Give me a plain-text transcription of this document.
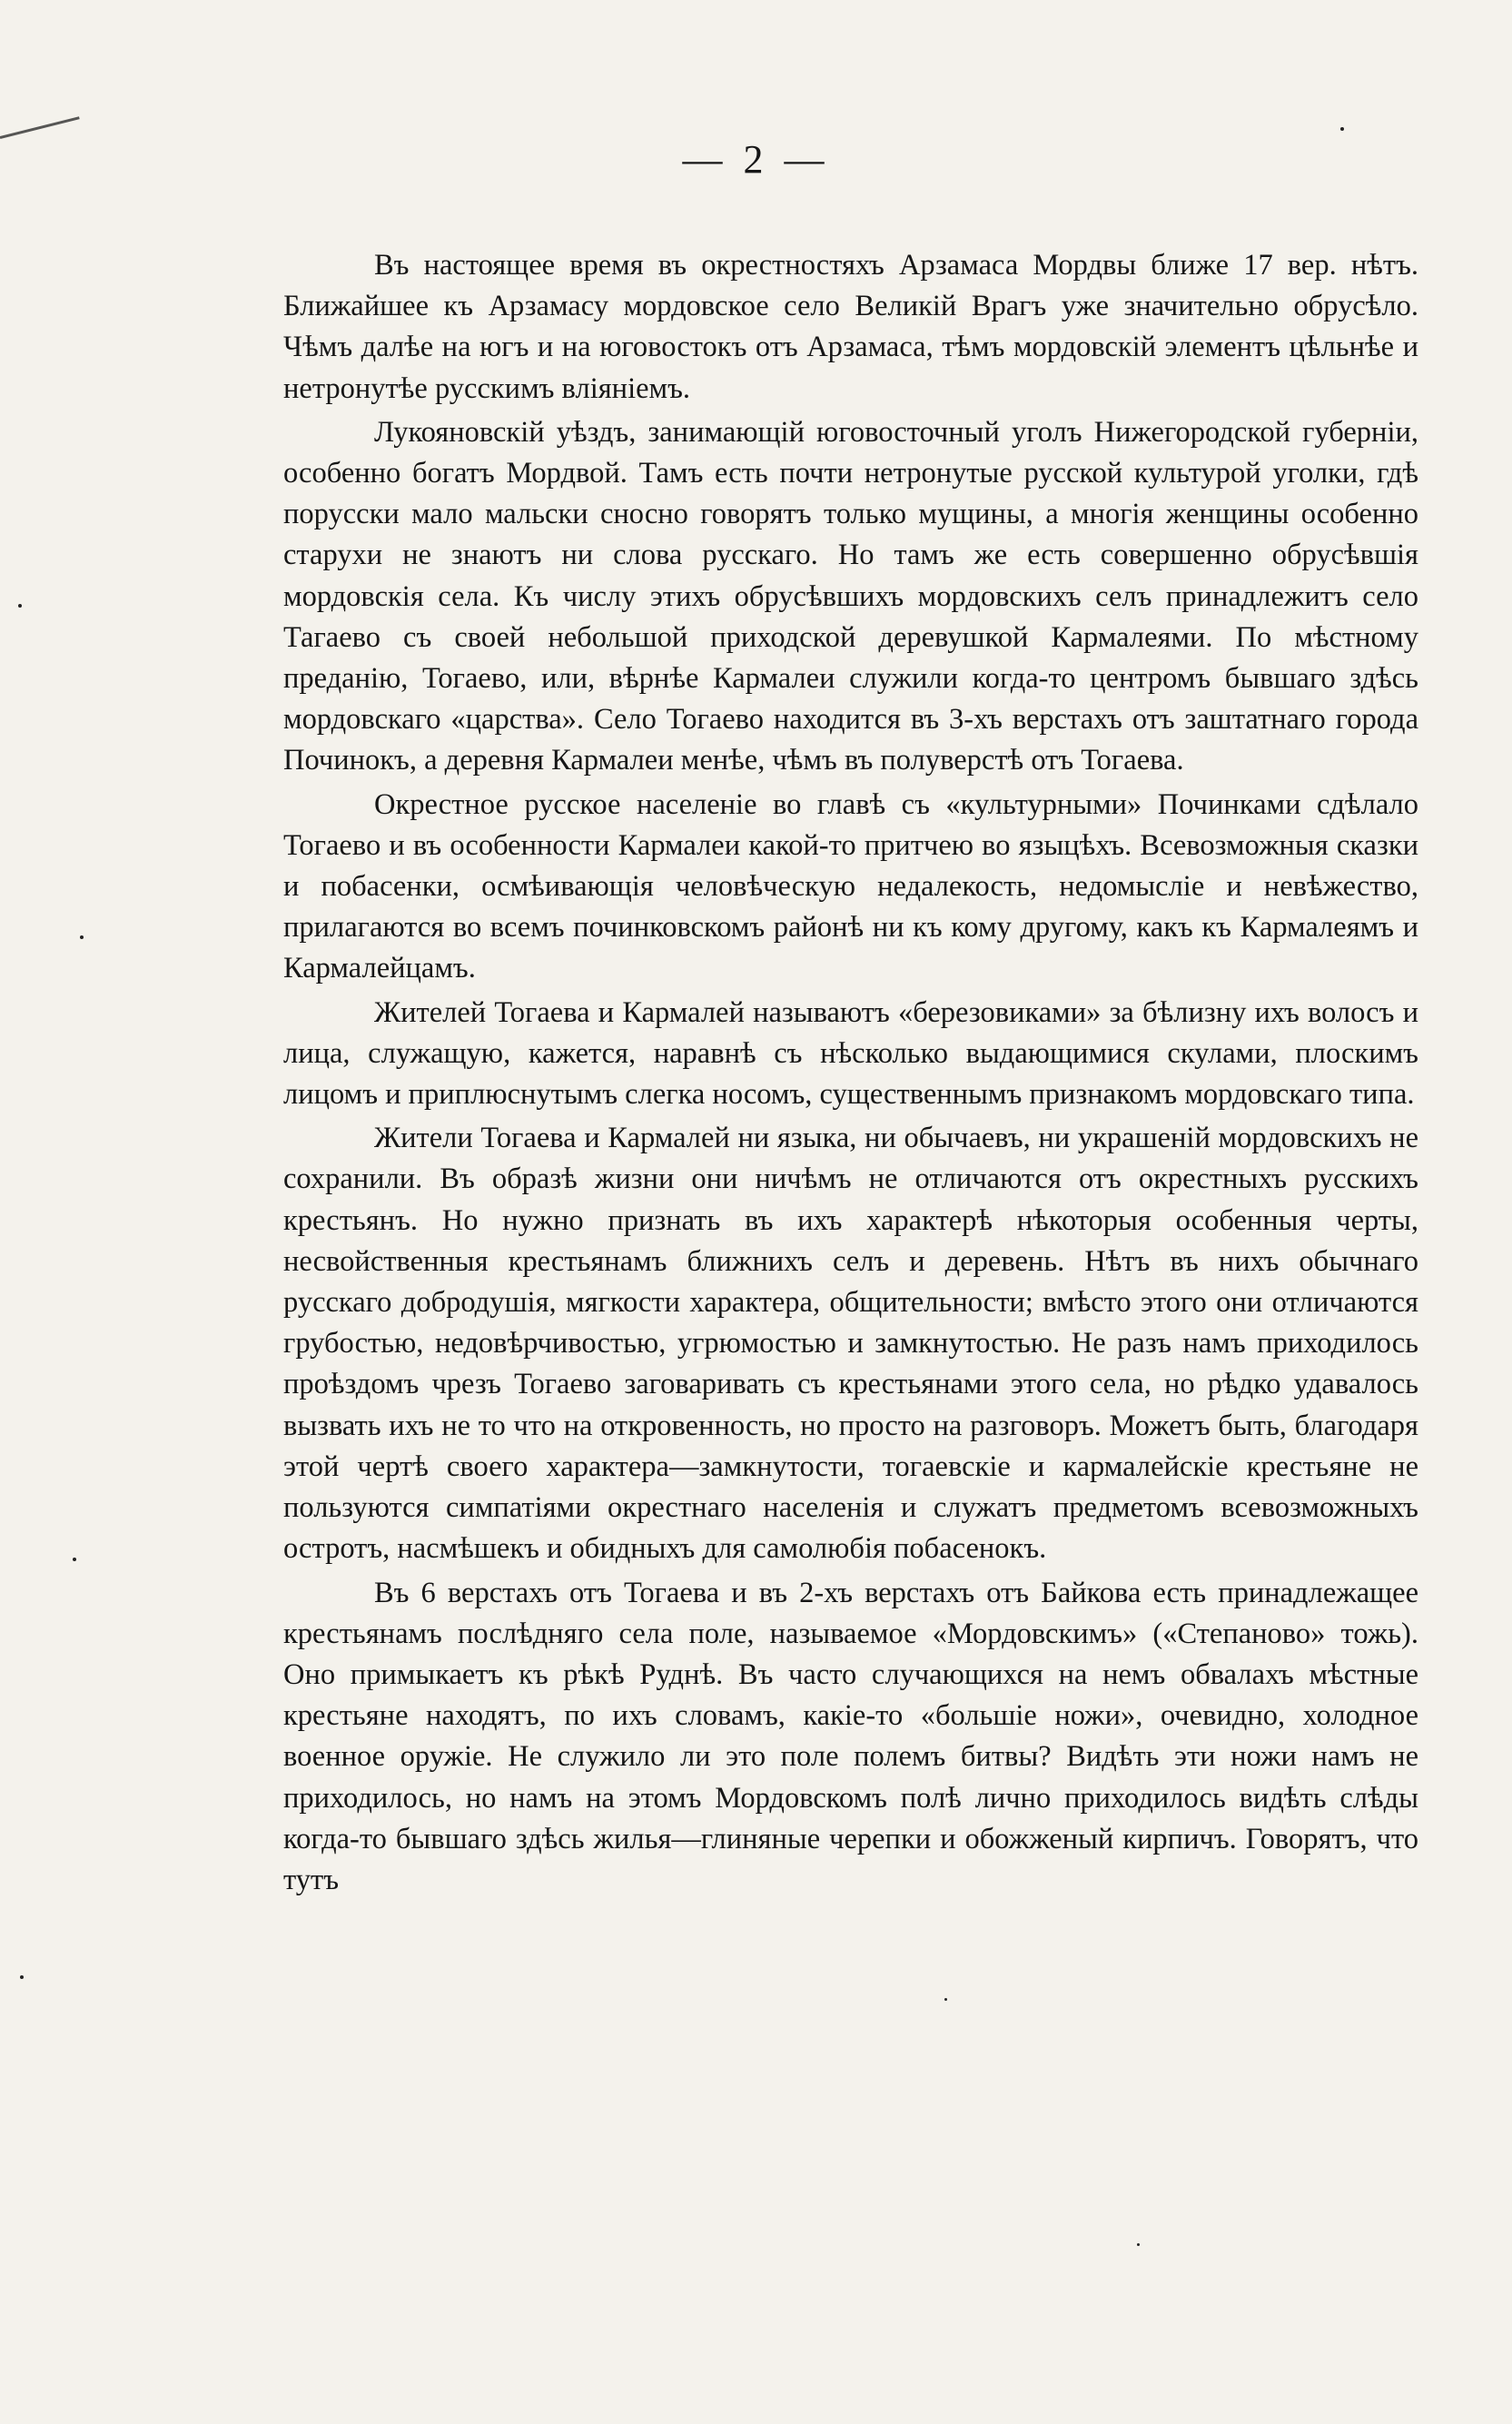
— 2 —

Въ настоящее время въ окрестностяхъ Арзамаса Мордвы ближе 17 вер. нѣтъ. Ближайшее къ Арзамасу мордовское село Великій Врагъ уже значительно обрусѣло. Чѣмъ далѣе на югъ и на юговостокъ отъ Арзамаса, тѣмъ мордовскій элементъ цѣльнѣе и нетронутѣе русскимъ вліяніемъ.

Лукояновскій уѣздъ, занимающій юговосточный уголъ Нижегородской губерніи, особенно богатъ Мордвой. Тамъ есть почти нетронутые русской культурой уголки, гдѣ порусски мало мальски сносно говорятъ только мущины, а многія женщины особенно старухи не знаютъ ни слова русскаго. Но тамъ же есть совершенно обрусѣвшія мордовскія села. Къ числу этихъ обрусѣвшихъ мордовскихъ селъ принадлежитъ село Тагаево съ своей небольшой приходской деревушкой Кармалеями. По мѣстному преданію, Тогаево, или, вѣрнѣе Кармалеи служили когда-то центромъ бывшаго здѣсь мордовскаго «царства». Село Тогаево находится въ 3-хъ верстахъ отъ заштатнаго города Починокъ, а деревня Кармалеи менѣе, чѣмъ въ полуверстѣ отъ Тогаева.

Окрестное русское населеніе во главѣ съ «культурными» Починками сдѣлало Тогаево и въ особенности Кармалеи какой-то притчею во языцѣхъ. Всевозможныя сказки и побасенки, осмѣивающія человѣческую недалекость, недомысліе и невѣжество, прилагаются во всемъ починковскомъ районѣ ни къ кому другому, какъ къ Кармалеямъ и Кармалейцамъ.

Жителей Тогаева и Кармалей называютъ «березовиками» за бѣлизну ихъ волосъ и лица, служащую, кажется, наравнѣ съ нѣсколько выдающимися скулами, плоскимъ лицомъ и приплюснутымъ слегка носомъ, существеннымъ признакомъ мордовскаго типа.

Жители Тогаева и Кармалей ни языка, ни обычаевъ, ни украшеній мордовскихъ не сохранили. Въ образѣ жизни они ничѣмъ не отличаются отъ окрестныхъ русскихъ крестьянъ. Но нужно признать въ ихъ характерѣ нѣкоторыя особенныя черты, несвойственныя крестьянамъ ближнихъ селъ и деревень. Нѣтъ въ нихъ обычнаго русскаго добродушія, мягкости характера, общительности; вмѣсто этого они отличаются грубостью, недовѣрчивостью, угрюмостью и замкнутостью. Не разъ намъ приходилось проѣздомъ чрезъ Тогаево заговаривать съ крестьянами этого села, но рѣдко удавалось вызвать ихъ не то что на откровенность, но просто на разговоръ. Можетъ быть, благодаря этой чертѣ своего характера—замкнутости, тогаевскіе и кармалейскіе крестьяне не пользуются симпатіями окрестнаго населенія и служатъ предметомъ всевозможныхъ остротъ, насмѣшекъ и обидныхъ для самолюбія побасенокъ.

Въ 6 верстахъ отъ Тогаева и въ 2-хъ верстахъ отъ Байкова есть принадлежащее крестьянамъ послѣдняго села поле, называемое «Мордовскимъ» («Степаново» тожь). Оно примыкаетъ къ рѣкѣ Руднѣ. Въ часто случающихся на немъ обвалахъ мѣстные крестьяне находятъ, по ихъ словамъ, какіе-то «большіе ножи», очевидно, холодное военное оружіе. Не служило ли это поле полемъ битвы? Видѣть эти ножи намъ не приходилось, но намъ на этомъ Мордовскомъ полѣ лично приходилось видѣть слѣды когда-то бывшаго здѣсь жилья—глиняные черепки и обожженый кирпичъ. Говорятъ, что тутъ
